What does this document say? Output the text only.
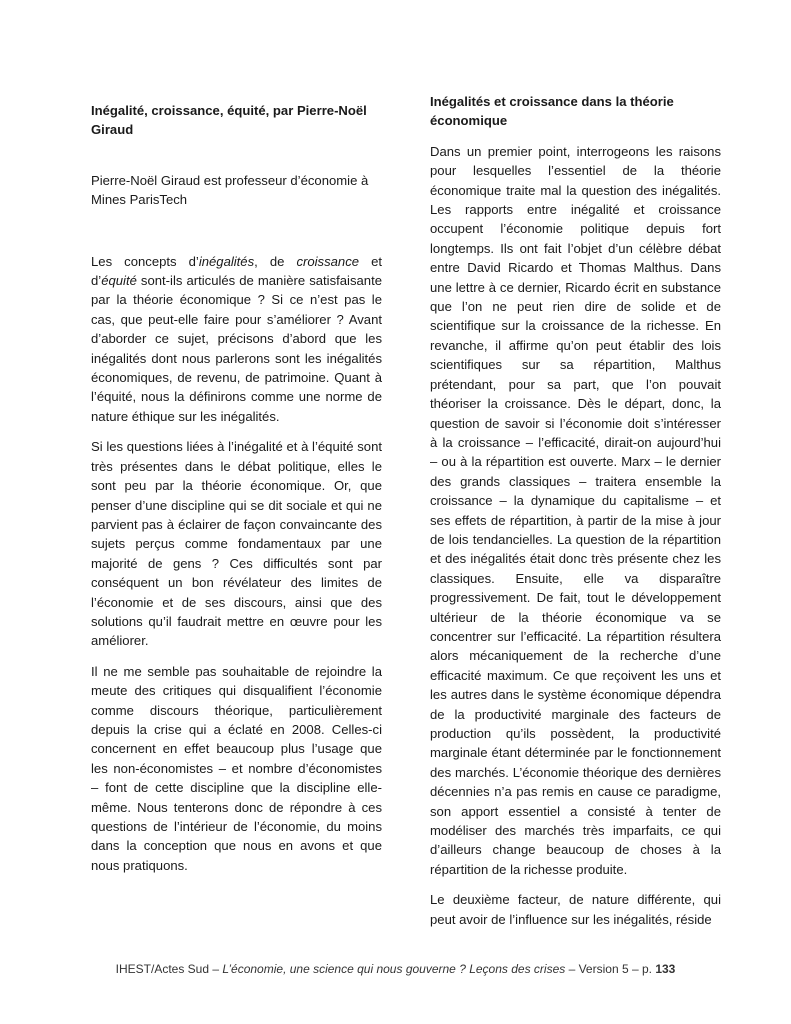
Inégalité, croissance, équité, par Pierre-Noël Giraud

Pierre-Noël Giraud est professeur d’économie à Mines ParisTech

Les concepts d’inégalités, de croissance et d’équité sont-ils articulés de manière satisfaisante par la théorie économique ? Si ce n’est pas le cas, que peut-elle faire pour s’améliorer ? Avant d’aborder ce sujet, précisons d’abord que les inégalités dont nous parlerons sont les inégalités économiques, de revenu, de patrimoine. Quant à l’équité, nous la définirons comme une norme de nature éthique sur les inégalités.

Si les questions liées à l’inégalité et à l’équité sont très présentes dans le débat politique, elles le sont peu par la théorie économique. Or, que penser d’une discipline qui se dit sociale et qui ne parvient pas à éclairer de façon convaincante des sujets perçus comme fondamentaux par une majorité de gens ? Ces difficultés sont par conséquent un bon révélateur des limites de l’économie et de ses discours, ainsi que des solutions qu’il faudrait mettre en œuvre pour les améliorer.

Il ne me semble pas souhaitable de rejoindre la meute des critiques qui disqualifient l’économie comme discours théorique, particulièrement depuis la crise qui a éclaté en 2008. Celles-ci concernent en effet beaucoup plus l’usage que les non-économistes – et nombre d’économistes – font de cette discipline que la discipline elle-même. Nous tenterons donc de répondre à ces questions de l’intérieur de l’économie, du moins dans la conception que nous en avons et que nous pratiquons.

Inégalités et croissance dans la théorie économique

Dans un premier point, interrogeons les raisons pour lesquelles l’essentiel de la théorie économique traite mal la question des inégalités. Les rapports entre inégalité et croissance occupent l’économie politique depuis fort longtemps. Ils ont fait l’objet d’un célèbre débat entre David Ricardo et Thomas Malthus. Dans une lettre à ce dernier, Ricardo écrit en substance que l’on ne peut rien dire de solide et de scientifique sur la croissance de la richesse. En revanche, il affirme qu’on peut établir des lois scientifiques sur sa répartition, Malthus prétendant, pour sa part, que l’on pouvait théoriser la croissance. Dès le départ, donc, la question de savoir si l’économie doit s’intéresser à la croissance – l’efficacité, dirait-on aujourd’hui – ou à la répartition est ouverte. Marx – le dernier des grands classiques – traitera ensemble la croissance – la dynamique du capitalisme – et ses effets de répartition, à partir de la mise à jour de lois tendancielles. La question de la répartition et des inégalités était donc très présente chez les classiques. Ensuite, elle va disparaître progressivement. De fait, tout le développement ultérieur de la théorie économique va se concentrer sur l’efficacité. La répartition résultera alors mécaniquement de la recherche d’une efficacité maximum. Ce que reçoivent les uns et les autres dans le système économique dépendra de la productivité marginale des facteurs de production qu’ils possèdent, la productivité marginale étant déterminée par le fonctionnement des marchés. L’économie théorique des dernières décennies n’a pas remis en cause ce paradigme, son apport essentiel a consisté à tenter de modéliser des marchés très imparfaits, ce qui d’ailleurs change beaucoup de choses à la répartition de la richesse produite.

Le deuxième facteur, de nature différente, qui peut avoir de l’influence sur les inégalités, réside

IHEST/Actes Sud – L’économie, une science qui nous gouverne ? Leçons des crises – Version 5 – p. 133
